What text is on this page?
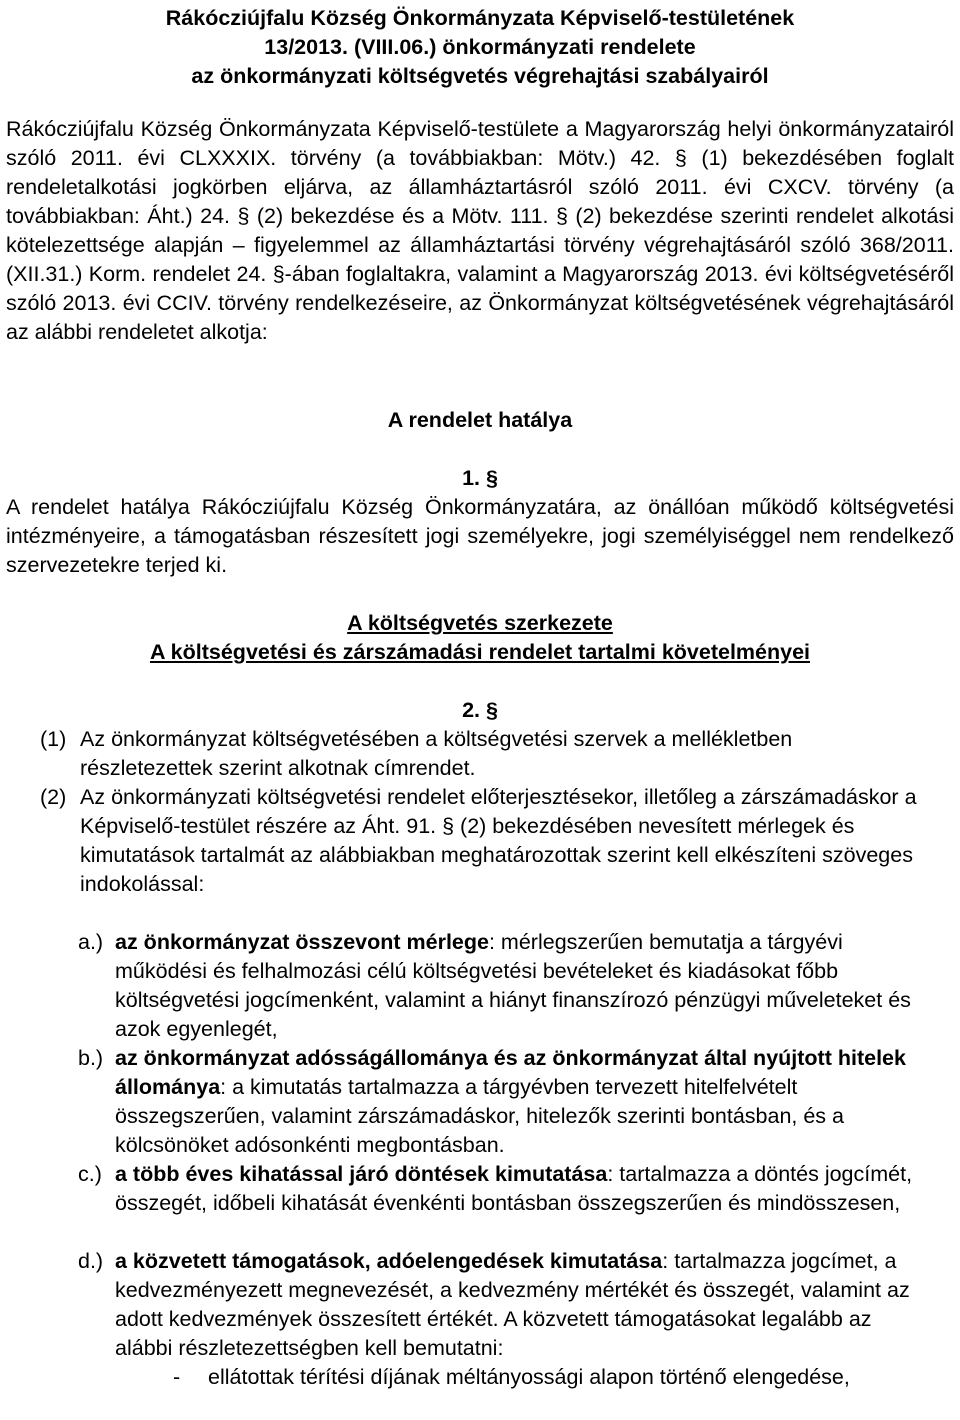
Rákócziújfalu Község Önkormányzata Képviselő-testületének
13/2013. (VIII.06.) önkormányzati rendelete
az önkormányzati költségvetés végrehajtási szabályairól
Rákócziújfalu Község Önkormányzata Képviselő-testülete a Magyarország helyi önkormányzatairól szóló 2011. évi CLXXXIX. törvény (a továbbiakban: Mötv.) 42. § (1) bekezdésében foglalt rendeletalkotási jogkörben eljárva, az államháztartásról szóló 2011. évi CXCV. törvény (a továbbiakban: Áht.) 24. § (2) bekezdése és a Mötv. 111. § (2) bekezdése szerinti rendelet alkotási kötelezettsége alapján – figyelemmel az államháztartási törvény végrehajtásáról szóló 368/2011. (XII.31.) Korm. rendelet 24. §-ában foglaltakra, valamint a Magyarország 2013. évi költségvetéséről szóló 2013. évi CCIV. törvény rendelkezéseire, az Önkormányzat költségvetésének végrehajtásáról az alábbi rendeletet alkotja:
A rendelet hatálya
1. §
A rendelet hatálya Rákócziújfalu Község Önkormányzatára, az önállóan működő költségvetési intézményeire, a támogatásban részesített jogi személyekre, jogi személyiséggel nem rendelkező szervezetekre terjed ki.
A költségvetés szerkezete
A költségvetési és zárszámadási rendelet tartalmi követelményei
2. §
(1) Az önkormányzat költségvetésében a költségvetési szervek a mellékletben részletezettek szerint alkotnak címrendet.
(2) Az önkormányzati költségvetési rendelet előterjesztésekor, illetőleg a zárszámadáskor a Képviselő-testület részére az Áht. 91. § (2) bekezdésében nevesített mérlegek és kimutatások tartalmát az alábbiakban meghatározottak szerint kell elkészíteni szöveges indokolással:
a.) az önkormányzat összevont mérlege: mérlegszerűen bemutatja a tárgyévi működési és felhalmozási célú költségvetési bevételeket és kiadásokat főbb költségvetési jogcímenként, valamint a hiányt finanszírozó pénzügyi műveleteket és azok egyenlegét,
b.) az önkormányzat adósságállománya és az önkormányzat által nyújtott hitelek állománya: a kimutatás tartalmazza a tárgyévben tervezett hitelfelvételt összegszerűen, valamint zárszámadáskor, hitelezők szerinti bontásban, és a kölcsönöket adósonkénti megbontásban.
c.) a több éves kihatással járó döntések kimutatása: tartalmazza a döntés jogcímét, összegét, időbeli kihatását évenkénti bontásban összegszerűen és mindösszesen,
d.) a közvetett támogatások, adóelengedések kimutatása: tartalmazza jogcímet, a kedvezményezett megnevezését, a kedvezmény mértékét és összegét, valamint az adott kedvezmények összesített értékét. A közvetett támogatásokat legalább az alábbi részletezettségben kell bemutatni:
- ellátottak térítési díjának méltányossági alapon történő elengedése,
